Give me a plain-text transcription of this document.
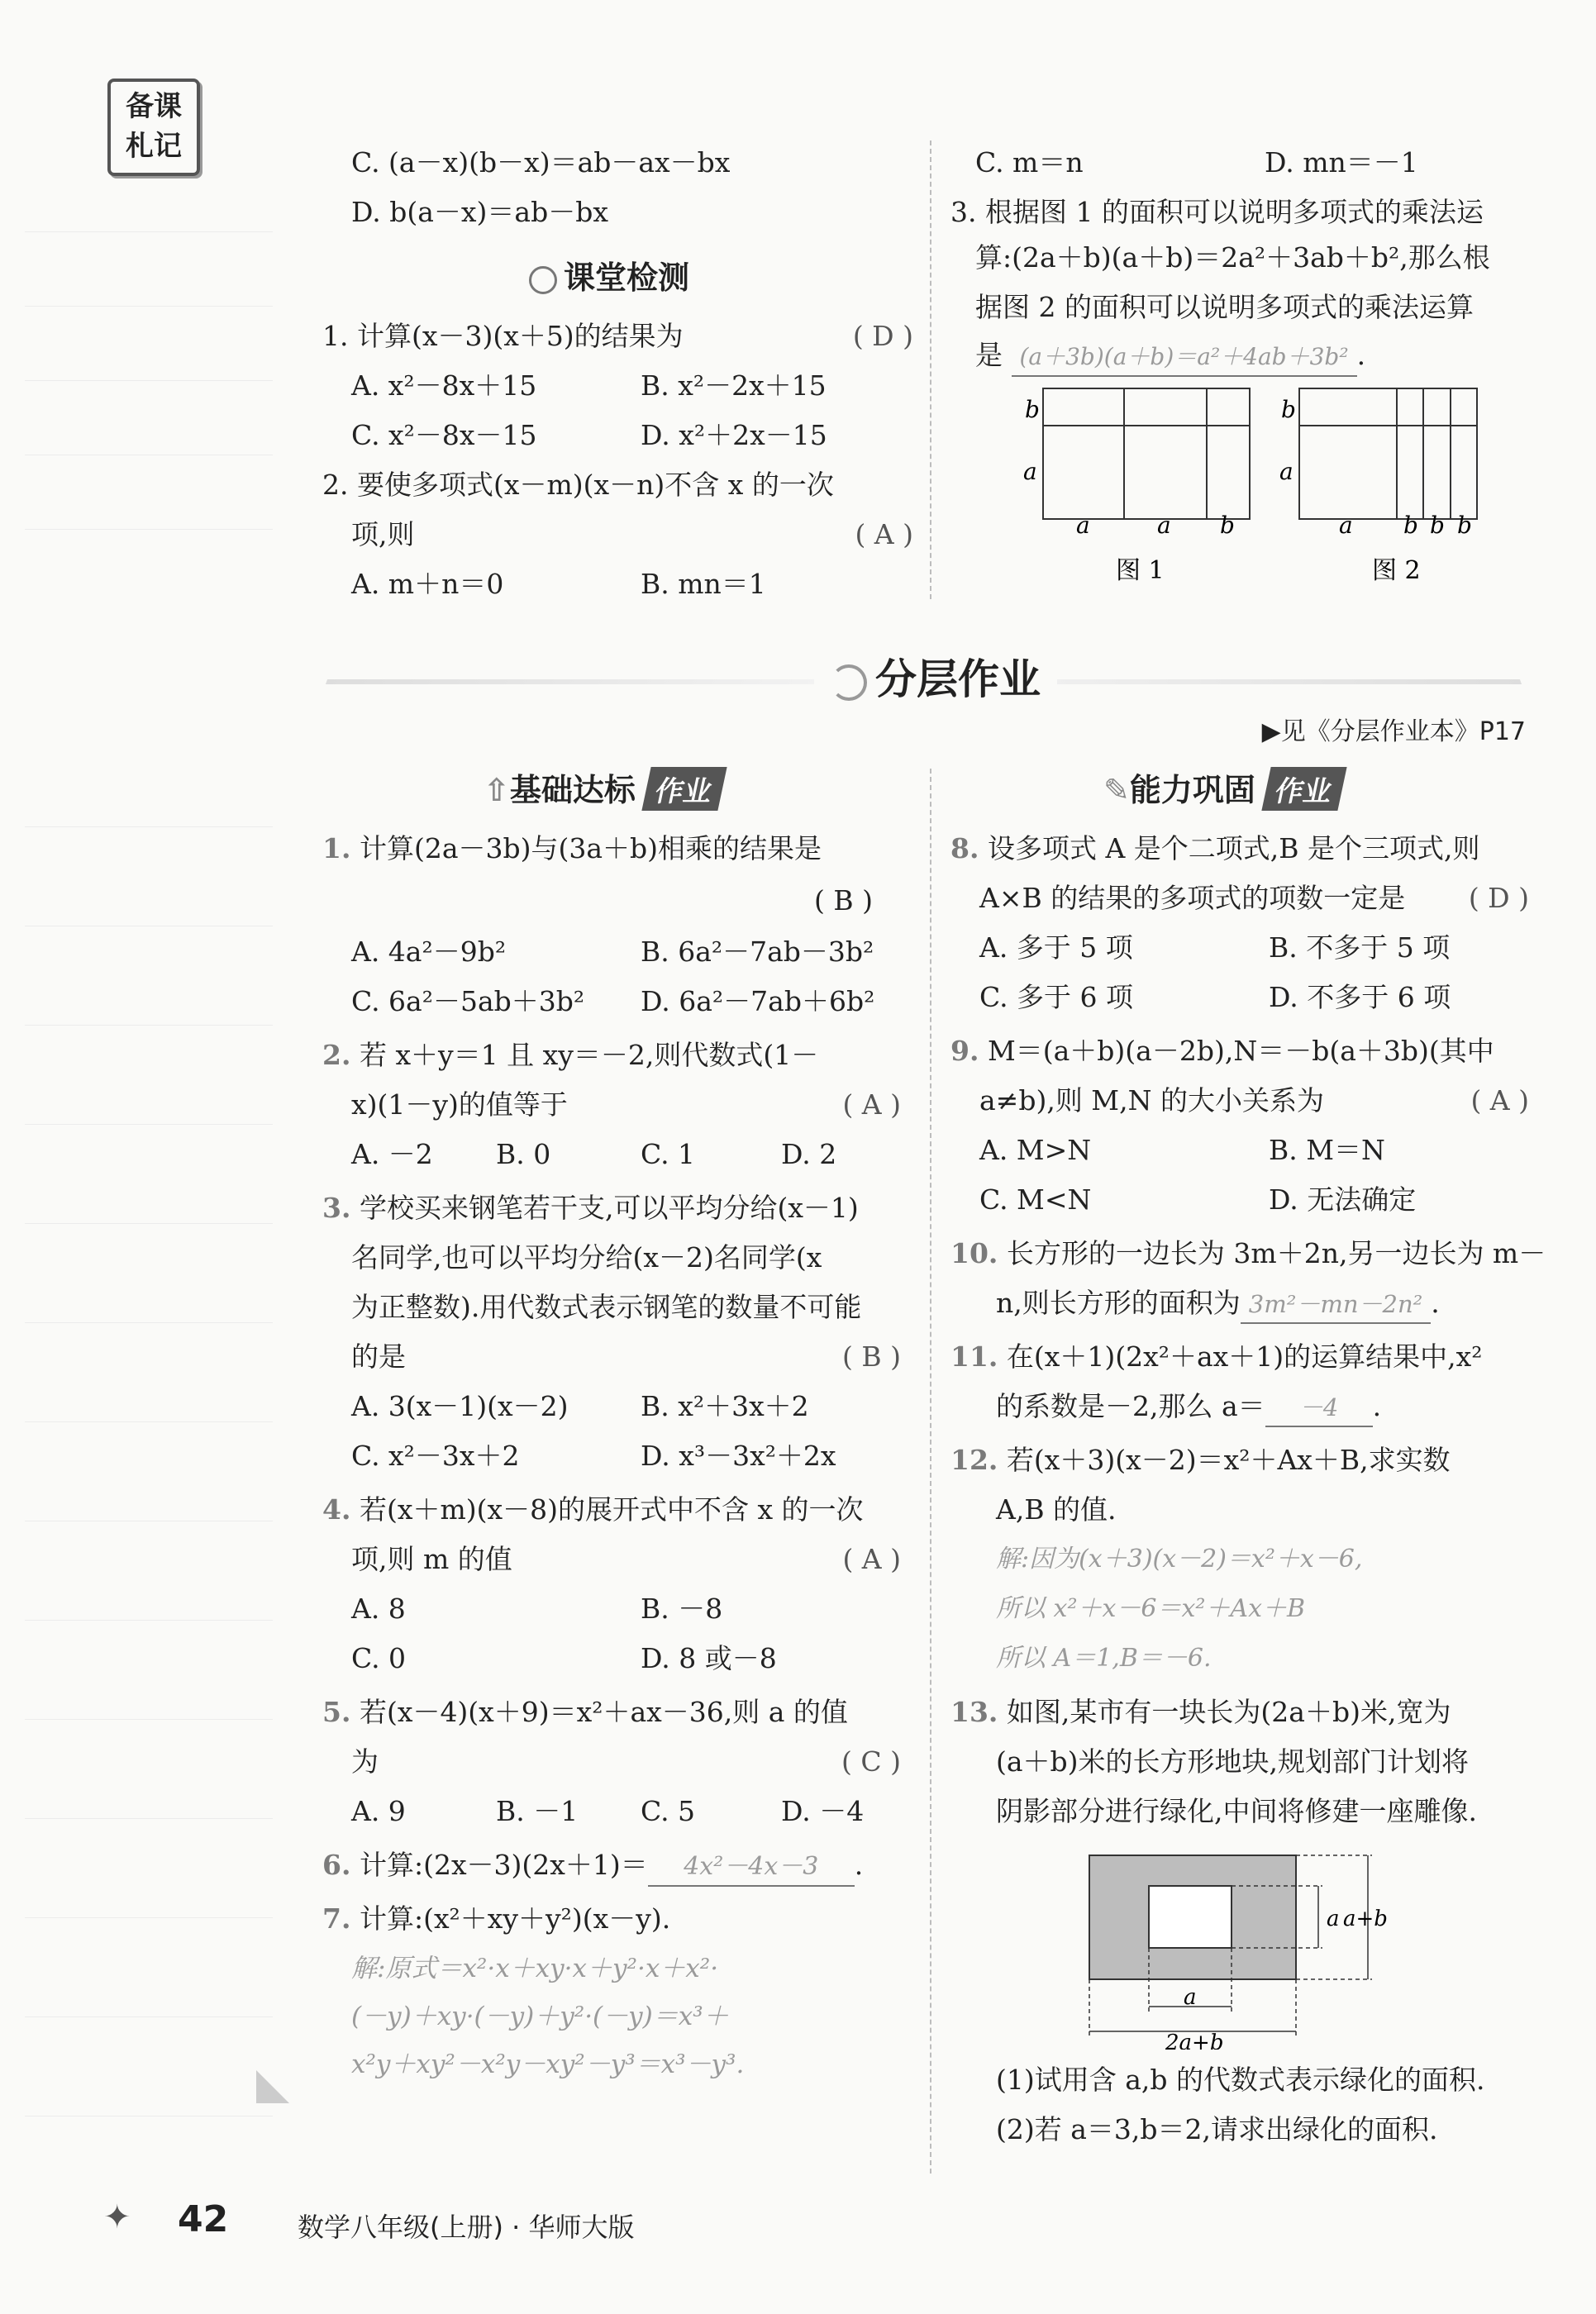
备课
札记	C. (a－x)(b－x)＝ab－ax－bx
D. b(a－x)＝ab－bx
课堂检测
1. 计算(x－3)(x＋5)的结果为	( D )
A. x²－8x＋15	B. x²－2x＋15
C. x²－8x－15	D. x²＋2x－15
2. 要使多项式(x－m)(x－n)不含 x 的一次
项,则	( A )
A. m＋n＝0	B. mn＝1
C. m＝n	D. mn＝－1
3. 根据图 1 的面积可以说明多项式的乘法运
算:(2a＋b)(a＋b)＝2a²＋3ab＋b²,那么根
据图 2 的面积可以说明多项式的乘法运算
是 (a＋3b)(a＋b)＝a²＋4ab＋3b² .
b
a
a	a b
图 1
b
a
a b b b
图 2
分层作业
▶见《分层作业本》P17
⇧基础达标 作业	✎能力巩固 作业
1. 计算(2a－3b)与(3a＋b)相乘的结果是
( B )
A. 4a²－9b²	B. 6a²－7ab－3b²
C. 6a²－5ab＋3b² D. 6a²－7ab＋6b²
2. 若 x＋y＝1 且 xy＝－2,则代数式(1－
x)(1－y)的值等于	( A )
A. －2 B. 0	C. 1	D. 2
3. 学校买来钢笔若干支,可以平均分给(x－1)
名同学,也可以平均分给(x－2)名同学(x
为正整数).用代数式表示钢笔的数量不可能
的是	( B )
A. 3(x－1)(x－2)	B. x²＋3x＋2
C. x²－3x＋2	D. x³－3x²＋2x
4. 若(x＋m)(x－8)的展开式中不含 x 的一次
项,则 m 的值	( A )
A. 8	B. －8
C. 0	D. 8 或－8
5. 若(x－4)(x＋9)＝x²＋ax－36,则 a 的值
为	( C )
A. 9	B. －1 C. 5	D. －4
6. 计算:(2x－3)(2x＋1)＝ 4x²－4x－3 .
7. 计算:(x²＋xy＋y²)(x－y).
解:原式＝x²·x＋xy·x＋y²·x＋x²·
(－y)＋xy·(－y)＋y²·(－y)＝x³＋
x²y＋xy²－x²y－xy²－y³＝x³－y³.
8. 设多项式 A 是个二项式,B 是个三项式,则
A×B 的结果的多项式的项数一定是 ( D )
A. 多于 5 项	B. 不多于 5 项
C. 多于 6 项	D. 不多于 6 项
9. M＝(a＋b)(a－2b),N＝－b(a＋3b)(其中
a≠b),则 M,N 的大小关系为	( A )
A. M>N	B. M＝N
C. M<N	D. 无法确定
10. 长方形的一边长为 3m＋2n,另一边长为 m－
n,则长方形的面积为 3m²－mn－2n² .
11. 在(x＋1)(2x²＋ax＋1)的运算结果中,x²
的系数是－2,那么 a＝ －4 .
12. 若(x＋3)(x－2)＝x²＋Ax＋B,求实数
A,B 的值.
解:因为(x＋3)(x－2)＝x²＋x－6,
所以 x²＋x－6＝x²＋Ax＋B
所以 A＝1,B＝－6.
13. 如图,某市有一块长为(2a＋b)米,宽为
(a＋b)米的长方形地块,规划部门计划将
阴影部分进行绿化,中间将修建一座雕像.
a a+b
a
2a+b
(1)试用含 a,b 的代数式表示绿化的面积.
(2)若 a＝3,b＝2,请求出绿化的面积.
✦ 42	数学八年级(上册) · 华师大版
